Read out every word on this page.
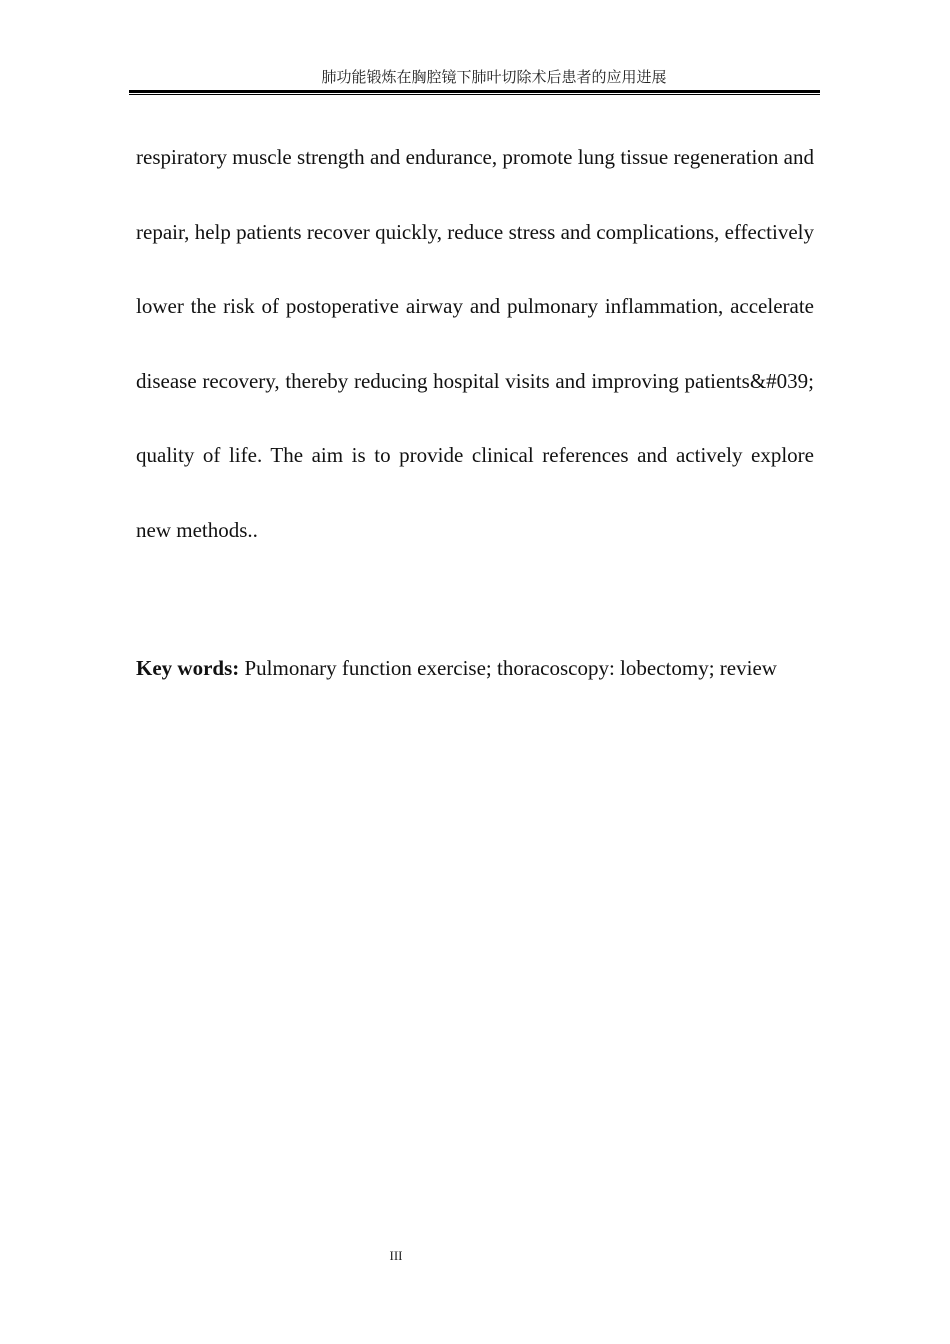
肺功能锻炼在胸腔镜下肺叶切除术后患者的应用进展

respiratory muscle strength and endurance, promote lung tissue regeneration and repair, help patients recover quickly, reduce stress and complications, effectively lower the risk of postoperative airway and pulmonary inflammation, accelerate disease recovery, thereby reducing hospital visits and improving patients&#039; quality of life. The aim is to provide clinical references and actively explore new methods..

Key words: Pulmonary function exercise; thoracoscopy: lobectomy; review

III
